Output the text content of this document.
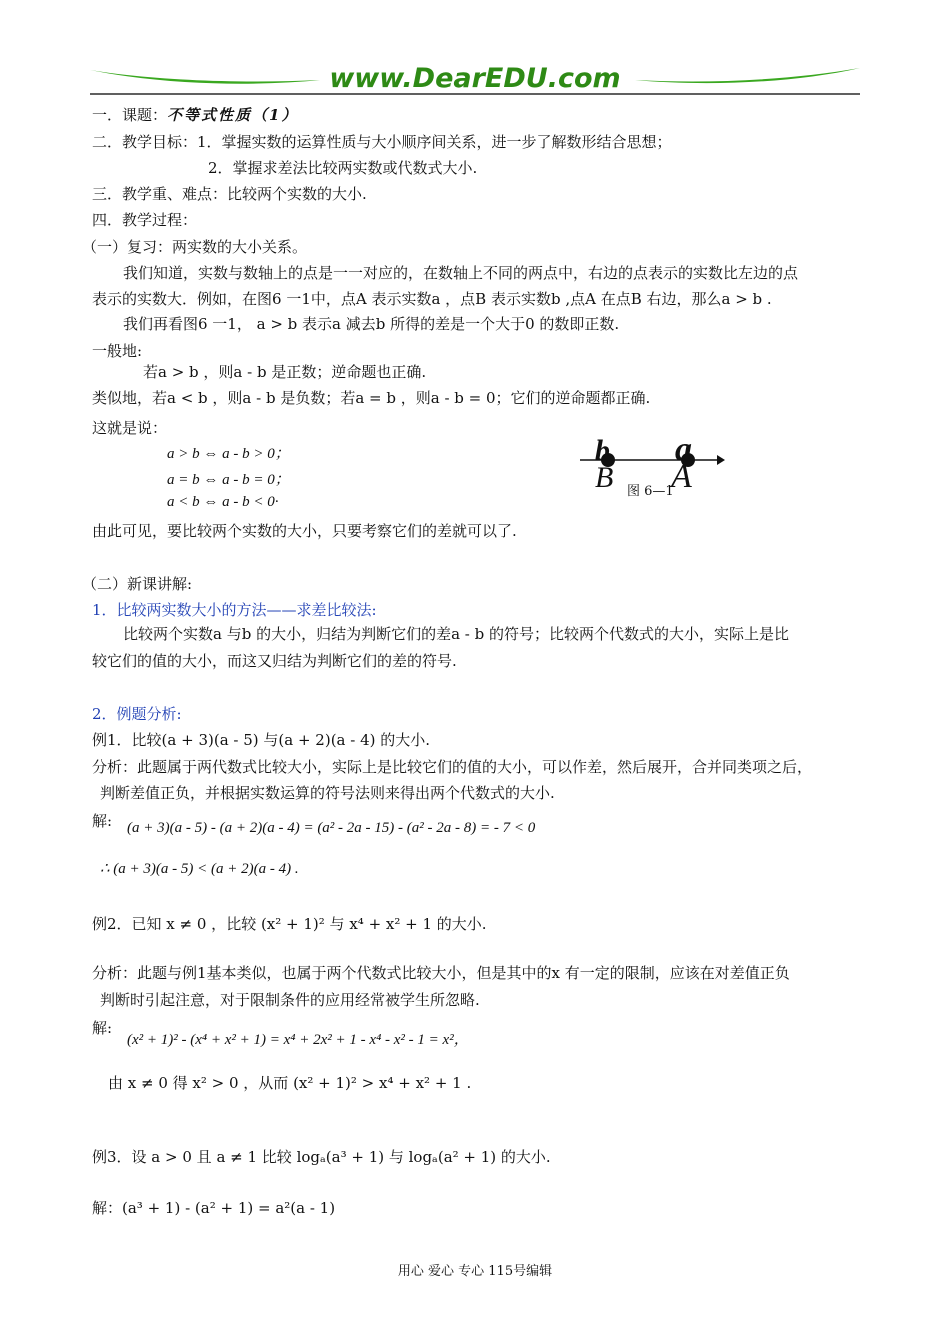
www.DearEDU.com
一．课题：不等式性质（1）
二．教学目标：1．掌握实数的运算性质与大小顺序间关系，进一步了解数形结合思想；
2．掌握求差法比较两实数或代数式大小.
三．教学重、难点：比较两个实数的大小.
四．教学过程：
（一）复习：两实数的大小关系。
我们知道，实数与数轴上的点是一一对应的，在数轴上不同的两点中，右边的点表示的实数比左边的点
表示的实数大．例如，在图6 一1中，点A 表示实数a ，点B 表示实数b ,点A 在点B 右边，那么a > b .
我们再看图6 一1， a > b 表示a 减去b 所得的差是一个大于0 的数即正数.
一般地:
若a > b ，则a - b 是正数；逆命题也正确.
类似地，若a < b ，则a - b 是负数；若a = b ，则a - b = 0；它们的逆命题都正确.
这就是说：
a > b ⇔ a - b > 0；
a = b ⇔ a - b = 0；
a < b ⇔ a - b < 0·
由此可见，要比较两个实数的大小，只要考察它们的差就可以了.
b a
B A
图 6—1
（二）新课讲解:
1．比较两实数大小的方法——求差比较法:
比较两个实数a 与b 的大小，归结为判断它们的差a - b 的符号；比较两个代数式的大小，实际上是比
较它们的值的大小，而这又归结为判断它们的差的符号.
2．例题分析:
例1．比较(a + 3)(a - 5) 与(a + 2)(a - 4) 的大小.
分析：此题属于两代数式比较大小，实际上是比较它们的值的大小，可以作差，然后展开，合并同类项之后，
判断差值正负，并根据实数运算的符号法则来得出两个代数式的大小.
解: (a + 3)(a - 5) - (a + 2)(a - 4) = (a² - 2a - 15) - (a² - 2a - 8) = - 7 < 0
∴ (a + 3)(a - 5) < (a + 2)(a - 4) .
例2．已知 x ≠ 0 ，比较 (x² + 1)² 与 x⁴ + x² + 1 的大小.
分析：此题与例1基本类似，也属于两个代数式比较大小，但是其中的x 有一定的限制，应该在对差值正负
判断时引起注意，对于限制条件的应用经常被学生所忽略.
解:
(x² + 1)² - (x⁴ + x² + 1) = x⁴ + 2x² + 1 - x⁴ - x² - 1 = x²，
由 x ≠ 0 得 x² > 0 ，从而 (x² + 1)² > x⁴ + x² + 1 .
例3．设 a > 0 且 a ≠ 1 比较 logₐ(a³ + 1) 与 logₐ(a² + 1) 的大小.
解：(a³ + 1) - (a² + 1) = a²(a - 1)
用心 爱心 专心 115号编辑
